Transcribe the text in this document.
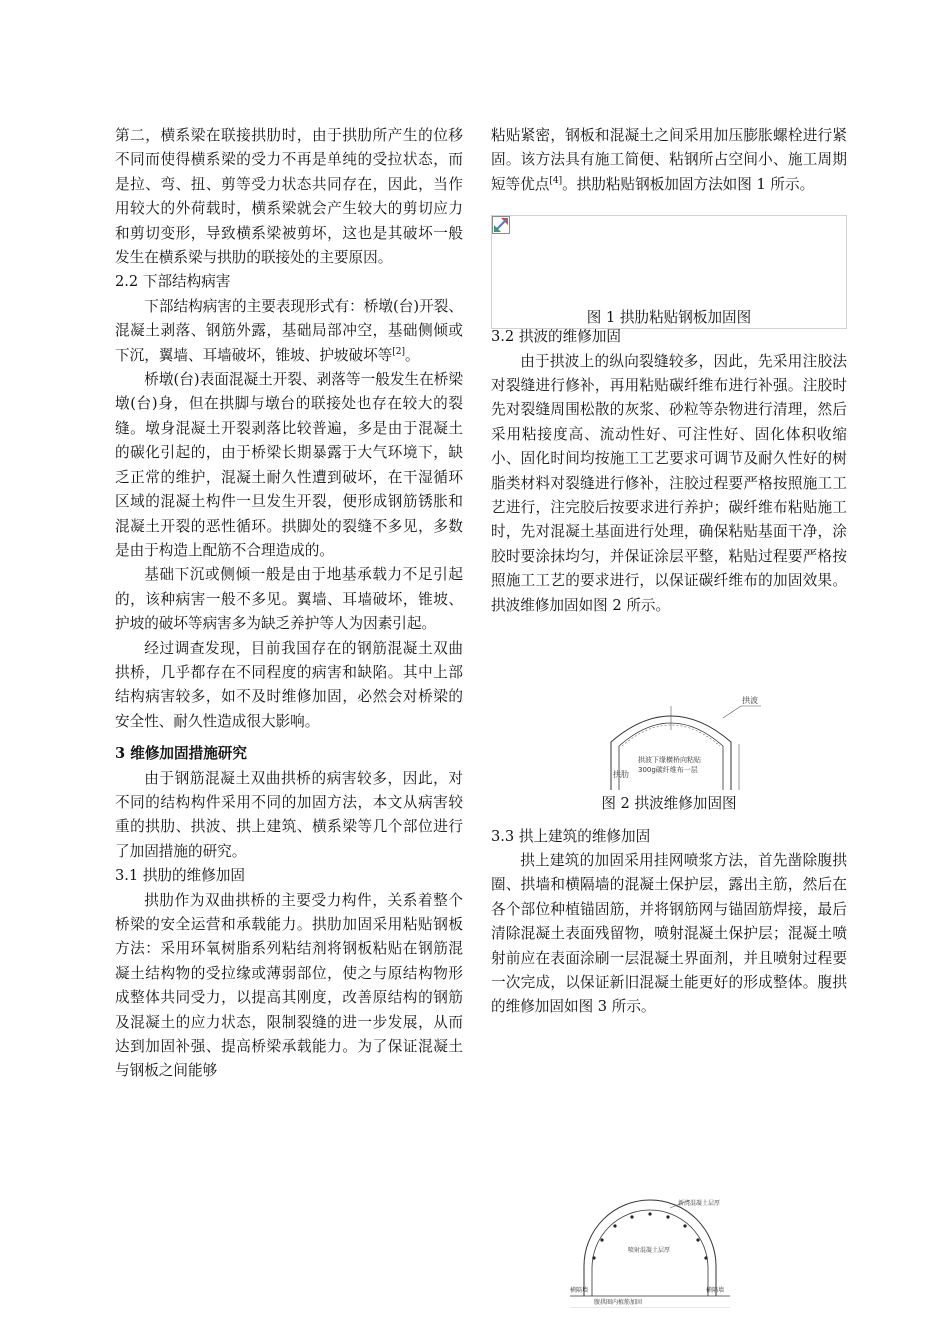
第二，横系梁在联接拱肋时，由于拱肋所产生的位移不同而使得横系梁的受力不再是单纯的受拉状态，而是拉、弯、扭、剪等受力状态共同存在，因此，当作用较大的外荷载时，横系梁就会产生较大的剪切应力和剪切变形，导致横系梁被剪坏，这也是其破坏一般发生在横系梁与拱肋的联接处的主要原因。

2.2 下部结构病害

下部结构病害的主要表现形式有：桥墩(台)开裂、混凝土剥落、钢筋外露，基础局部冲空，基础侧倾或下沉，翼墙、耳墙破坏，锥坡、护坡破坏等[2]。

桥墩(台)表面混凝土开裂、剥落等一般发生在桥梁墩(台)身，但在拱脚与墩台的联接处也存在较大的裂缝。墩身混凝土开裂剥落比较普遍，多是由于混凝土的碳化引起的，由于桥梁长期暴露于大气环境下，缺乏正常的维护，混凝土耐久性遭到破坏，在干湿循环区域的混凝土构件一旦发生开裂，便形成钢筋锈胀和混凝土开裂的恶性循环。拱脚处的裂缝不多见，多数是由于构造上配筋不合理造成的。

基础下沉或侧倾一般是由于地基承载力不足引起的，该种病害一般不多见。翼墙、耳墙破坏，锥坡、护坡的破坏等病害多为缺乏养护等人为因素引起。

经过调查发现，目前我国存在的钢筋混凝土双曲拱桥，几乎都存在不同程度的病害和缺陷。其中上部结构病害较多，如不及时维修加固，必然会对桥梁的安全性、耐久性造成很大影响。

3 维修加固措施研究

由于钢筋混凝土双曲拱桥的病害较多，因此，对不同的结构构件采用不同的加固方法，本文从病害较重的拱肋、拱波、拱上建筑、横系梁等几个部位进行了加固措施的研究。

3.1 拱肋的维修加固

拱肋作为双曲拱桥的主要受力构件，关系着整个桥梁的安全运营和承载能力。拱肋加固采用粘贴钢板方法：采用环氧树脂系列粘结剂将钢板粘贴在钢筋混凝土结构物的受拉缘或薄弱部位，使之与原结构物形成整体共同受力，以提高其刚度，改善原结构的钢筋及混凝土的应力状态，限制裂缝的进一步发展，从而达到加固补强、提高桥梁承载能力。为了保证混凝土与钢板之间能够

粘贴紧密，钢板和混凝土之间采用加压膨胀螺栓进行紧固。该方法具有施工简便、粘钢所占空间小、施工周期短等优点[4]。拱肋粘贴钢板加固方法如图 1 所示。

图 1 拱肋粘贴钢板加固图

3.2 拱波的维修加固

由于拱波上的纵向裂缝较多，因此，先采用注胶法对裂缝进行修补，再用粘贴碳纤维布进行补强。注胶时先对裂缝周围松散的灰浆、砂粒等杂物进行清理，然后采用粘接度高、流动性好、可注性好、固化体积收缩小、固化时间均按施工工艺要求可调节及耐久性好的树脂类材料对裂缝进行修补，注胶过程要严格按照施工工艺进行，注完胶后按要求进行养护；碳纤维布粘贴施工时，先对混凝土基面进行处理，确保粘贴基面干净，涂胶时要涂抹均匀，并保证涂层平整，粘贴过程要严格按照施工工艺的要求进行，以保证碳纤维布的加固效果。拱波维修加固如图 2 所示。

拱波
拱肋
拱波下缘横桥向粘贴
300g碳纤维布一层

图 2 拱波维修加固图

3.3 拱上建筑的维修加固

拱上建筑的加固采用挂网喷浆方法，首先凿除腹拱圈、拱墙和横隔墙的混凝土保护层，露出主筋，然后在各个部位种植锚固筋，并将钢筋网与锚固筋焊接，最后清除混凝土表面残留物，喷射混凝土保护层；混凝土喷射前应在表面涂刷一层混凝土界面剂，并且喷射过程要一次完成，以保证新旧混凝土能更好的形成整体。腹拱的维修加固如图 3 所示。

新浇混凝土层厚
喷射混凝土层厚
横隔墙	横隔墙
腹拱圈内植筋加固
